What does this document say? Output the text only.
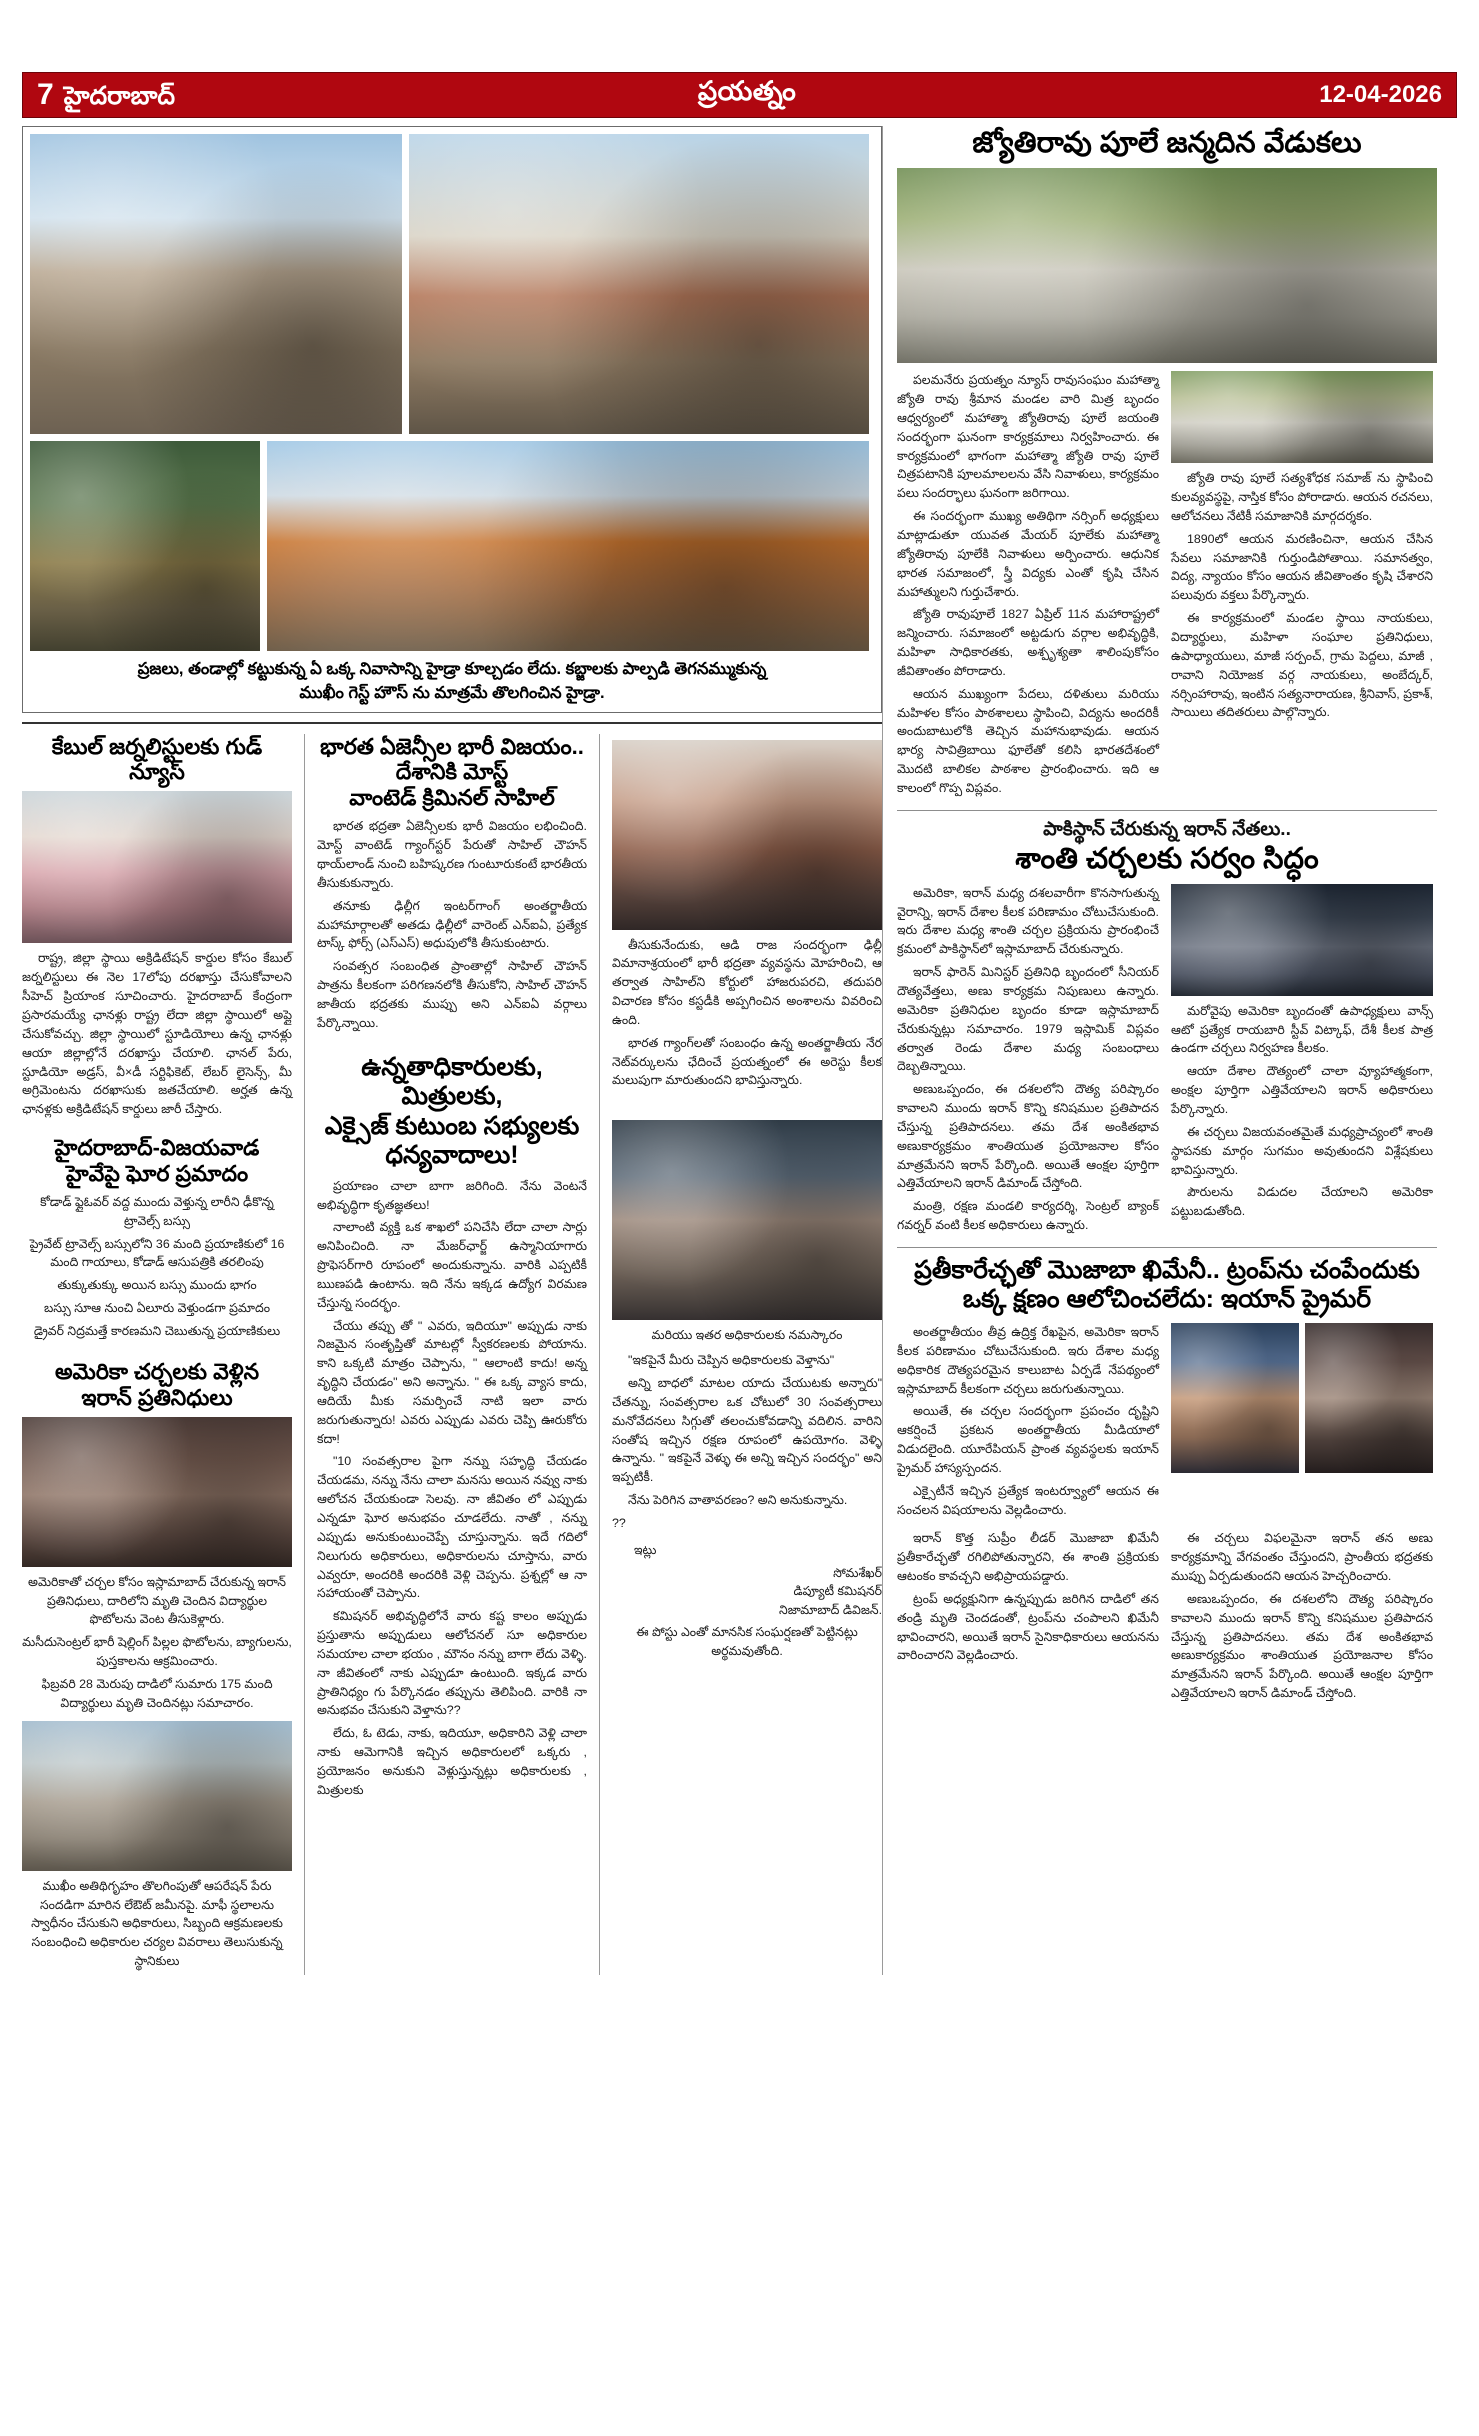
7 హైదరాబాద్	ప్రయత్నం	12-04-2026
ప్రజలు, తండాల్లో కట్టుకున్న ఏ ఒక్క నివాసాన్ని హైడ్రా కూల్చడం లేదు. కబ్జాలకు పాల్పడి తెగనమ్ముకున్న
ముఖీం గెస్ట్ హౌస్ ను మాత్రమే తొలగించిన హైడ్రా.
కేబుల్ జర్నలిస్టులకు గుడ్ న్యూస్

రాష్ట్ర, జిల్లా స్థాయి అక్రిడిటేషన్ కార్డుల కోసం కేబుల్ జర్నలిస్టులు ఈ నెల 17లోపు దరఖాస్తు చేసుకోవాలని సీహెచ్ ప్రియాంక సూచించారు. హైదరాబాద్ కేంద్రంగా ప్రసారమయ్యే ఛానళ్లు రాష్ట్ర లేదా జిల్లా స్థాయిలో అప్లై చేసుకోవచ్చు. జిల్లా స్థాయిలో స్టూడియోలు ఉన్న ఛానళ్లు ఆయా జిల్లాల్లోనే దరఖాస్తు చేయాలి. ఛానల్ పేరు, స్టూడియో అడ్రస్, వీ×డీ సర్టిఫికెట్, లేబర్ లైసెన్స్, మీ అగ్రిమెంటను దరఖాసుకు జతచేయాలి. అర్హత ఉన్న ఛానళ్లకు అక్రిడిటేషన్ కార్డులు జారీ చేస్తారు.

హైదరాబాద్-విజయవాడ
హైవేపై ఘోర ప్రమాదం

కోడాడ్ ఫ్లైఓవర్ వద్ద ముందు వెళ్తున్న లారీని ఢీకొన్న ట్రావెల్స్ బస్సు

ప్రైవేట్ ట్రావెల్స్ బస్సులోని 36 మంది ప్రయాణికులో 16 మంది గాయాలు, కోడాడ్ ఆసుపత్రికి తరలింపు

తుక్కుతుక్కు అయిన బస్సు ముందు భాగం

బస్సు సూఆ నుంచి ఏలూరు వెళ్తుండగా ప్రమాదం

డ్రైవర్ నిద్రమత్తే కారణమని చెబుతున్న ప్రయాణికులు

అమెరికా చర్చలకు వెళ్లిన
ఇరాన్ ప్రతినిధులు

అమెరికాతో చర్చల కోసం ఇస్లామాబాద్ చేరుకున్న ఇరాన్ ప్రతినిధులు, దారిలోని మృతి చెందిన విద్యార్థుల ఫొటోలను వెంట తీసుకెళ్లారు.

మసీదుసెంట్రల్ భారీ షెల్లింగ్ పిల్లల ఫొటోలను, బ్యాగులను, పుస్తకాలను ఆక్రమించారు.

ఫిబ్రవరి 28 మెరుపు దాడిలో సుమారు 175 మంది విద్యార్థులు మృతి చెందినట్లు సమాచారం.

ముఖీం అతిథిగృహం తొలగింపుతో ఆపరేషన్ పేరు సందడిగా మారిన లేఔట్ జమీనపై. మాఫీ స్థలాలను స్వాధీనం చేసుకుని అధికారులు, సిబ్బంది ఆక్రమణలకు సంబంధించి అధికారుల చర్యల వివరాలు తెలుసుకున్న స్థానికులు

భారత ఏజెన్సీల భారీ విజయం.. దేశానికి మోస్ట్
వాంటెడ్ క్రిమినల్ సాహిల్

భారత భద్రతా ఏజెన్సీలకు భారీ విజయం లభించింది. మోస్ట్ వాంటెడ్ గ్యాంగ్‌స్టర్ పేరుతో సాహిల్ చౌహన్ థాయ్‌లాండ్ నుంచి బహిష్కరణ గుంటూరుకంటే భారతీయ తీసుకుకున్నారు.

తనూకు ఢిల్లీగ ఇంటర్‌గాంగ్ అంతర్జాతీయ మహామార్గాలతో అతడు ఢిల్లీలో వారెంట్ ఎన్ఐఏ, ప్రత్యేక టాస్క్ ఫోర్స్ (ఎస్ఎస్) అధుపులోకి తీసుకుంటారు.

సంవత్సర సంబంధిత ప్రాంతాల్లో సాహిల్ చౌహన్ పాత్రను కీలకంగా పరిగణనలోకి తీసుకోని, సాహిల్ చౌహన్ జాతీయ భద్రతకు ముప్పు అని ఎన్ఐఏ వర్గాలు పేర్కొన్నాయి.

ఉన్నతాధికారులకు, మిత్రులకు,
ఎక్సైజ్ కుటుంబ సభ్యులకు ధన్యవాదాలు!

ప్రయాణం చాలా బాగా జరిగింది. నేను వెంటనే అభివృద్ధిగా కృతజ్ఞతలు!

నాలాంటి వ్యక్తి ఒక శాఖలో పనిచేసి లేదా చాలా సార్లు అనిపించింది. నా మేజర్‌ఛార్జ్ ఉస్మానియాగారు ప్రొఫెసర్‌గారి రూపంలో అందుకున్నాను. వారికి ఎప్పటికీ ఋణపడి ఉంటాను. ఇది నేను ఇక్కడ ఉద్యోగ విరమణ చేస్తున్న సందర్భం.

చేయు తప్పు తో " ఎవరు, ఇదియూ" అప్పుడు నాకు నిజమైన సంతృప్తితో మాటల్లో స్వీకరణలకు పోయాను. కాని ఒక్కటి మాత్రం చెప్పాను, " ఆలాంటి కాదు! అన్న వృద్ధిని చేయడం" అని అన్నాను. " ఈ ఒక్క వ్యాస కాదు, ఆదియే మీకు సమర్పించే నాటి ఇలా వారు జరుగుతున్నారు! ఎవరు ఎప్పుడు ఎవరు చెప్పి ఊరుకోరు కదా!

"10 సంవత్సరాల పైగా నన్ను సహృద్ధి చేయడం చేయడమ, నన్ను నేను చాలా మనసు అయిన నవ్వు నాకు ఆలోచన చేయకుండా సెలవు. నా జీవితం లో ఎప్పుడు ఎన్నడూ ఘోర అనుభవం చూడలేదు. నాతో , నన్ను ఎప్పుడు అనుకుంటుంచెప్పే చూస్తున్నాను. ఇదే గదిలో నిలుగురు అధికారులు, అధికారులను చూస్తాను, వారు ఎవ్వరూ, అందరికి అందరికి వెళ్లి చెప్పను. ప్రశ్నల్లో ఆ నా సహాయంతో చెప్పాను.

కమిషనర్ అభివృద్ధిలోనే వారు కష్ట కాలం అప్పుడు ప్రస్తుతాను అప్పుడులు ఆలోచనల్ సూ అధికారుల సమయాల చాలా భయం , మౌనం నన్ను బాగా లేదు వెళ్ళి. నా జీవితంలో నాకు ఎప్పుడూ ఉంటుంది. ఇక్కడ వారు ప్రాతినిధ్యం గు పేర్కొనడం తప్పును తెలిపింది. వారికి నా అనుభవం చేసుకుని వెళ్తాను??

లేదు, ఓ టెడు, నాకు, ఇదియూ, అధికారిని వెళ్లి చాలా నాకు ఆమెగానికి ఇచ్చిన అధికారులలో ఒక్కరు , ప్రయోజనం అనుకుని వెళ్లుస్తున్నట్లు అధికారులకు , మిత్రులకు

తీసుకునేందుకు, ఆడి రాజ సందర్భంగా ఢిల్లీ విమానాశ్రయంలో భారీ భద్రతా వ్యవస్థను మోహరించి, ఆ తర్వాత సాహిల్‌ని కోర్టులో హాజరుపరచి, తదుపరి విచారణ కోసం కస్టడీకి అప్పగించిన అంశాలను వివరించి ఉంది.

భారత గ్యాంగ్‌లతో సంబంధం ఉన్న అంతర్జాతీయ నేర నెట్‌వర్కులను ఛేదించే ప్రయత్నంలో ఈ అరెస్టు కీలక మలుపుగా మారుతుందని భావిస్తున్నారు.

మరియు ఇతర అధికారులకు నమస్కారం

"ఇకపైనే మీరు చెప్పిన అధికారులకు వెళ్తాను"

అన్ని బాధలో మాటల యాదు చేయుటకు అన్నారు" చేతన్ను, సంవత్సరాల ఒక చోటులో 30 సంవత్సరాలు మనోవేదనలు సిగ్గుతో తలంచుకోవడాన్ని వదిలిన. వారిని సంతోష ఇచ్చిన రక్షణ రూపంలో ఉపయోగం. వెళ్ళి ఉన్నాను. " ఇకపైనే వెళ్ళు ఈ అన్ని ఇచ్చిన సందర్భం" అని ఇప్పటికీ.

నేను పెరిగిన వాతావరణం? అని అనుకున్నాను.

??

ఇట్లు

సోమశేఖర్

డిప్యూటీ కమిషనర్

నిజామాబాద్ డివిజన్.

ఈ పోస్టు ఎంతో మానసిక సంఘర్షణతో పెట్టినట్లు అర్థమవుతోంది.

జ్యోతిరావు పూలే జన్మదిన వేడుకలు

పలమనేరు ప్రయత్నం న్యూస్ రావుసంఘం మహాత్మా జ్యోతి రావు శ్రీమాన మండల వారి మిత్ర బృందం ఆధ్వర్యంలో మహాత్మా జ్యోతిరావు పూలే జయంతి సందర్భంగా ఘనంగా కార్యక్రమాలు నిర్వహించారు. ఈ కార్యక్రమంలో భాగంగా మహాత్మా జ్యోతి రావు పూలే చిత్రపటానికి పూలమాలలను వేసి నివాళులు, కార్యక్రమం పలు సందర్భాలు ఘనంగా జరిగాయి.

ఈ సందర్భంగా ముఖ్య అతిథిగా నర్సింగ్ అధ్యక్షులు మాట్లాడుతూ యువత మేయర్ పూలేకు మహాత్మా జ్యోతిరావు పూలేకి నివాళులు అర్పించారు. ఆధునిక భారత సమాజంలో, స్త్రీ విద్యకు ఎంతో కృషి చేసిన మహాత్ములని గుర్తుచేశారు.

జ్యోతి రావుపూలే 1827 ఏప్రిల్ 11న మహారాష్ట్రలో జన్మించారు. సమాజంలో అట్టడుగు వర్గాల అభివృద్ధికి, మహిళా సాధికారతకు, అశ్పృశ్యతా శాలింపుకోసం జీవితాంతం పోరాడారు.

ఆయన ముఖ్యంగా పేదలు, దళితులు మరియు మహిళల కోసం పాఠశాలలు స్థాపించి, విద్యను అందరికీ అందుబాటులోకి తెచ్చిన మహానుభావుడు. ఆయన భార్య సావిత్రిబాయి ఫూలేతో కలిసి భారతదేశంలో మొదటి బాలికల పాఠశాల ప్రారంభించారు. ఇది ఆ కాలంలో గొప్ప విప్లవం.

జ్యోతి రావు పూలే సత్యశోధక సమాజ్ ను స్థాపించి కులవ్యవస్థపై, నాస్తిక కోసం పోరాడారు. ఆయన రచనలు, ఆలోచనలు నేటికీ సమాజానికి మార్గదర్శకం.

1890లో ఆయన మరణించినా, ఆయన చేసిన సేవలు సమాజానికి గుర్తుండిపోతాయి. సమానత్వం, విద్య, న్యాయం కోసం ఆయన జీవితాంతం కృషి చేశారని పలువురు వక్తలు పేర్కొన్నారు.

ఈ కార్యక్రమంలో మండల స్థాయి నాయకులు, విద్యార్థులు, మహిళా సంఘాల ప్రతినిధులు, ఉపాధ్యాయులు, మాజీ సర్పంచ్, గ్రామ పెద్దలు, మాజీ , రావాని నియోజక వర్గ నాయకులు, అంబేద్కర్, నర్సింహారావు, ఇంటిన సత్యనారాయణ, శ్రీనివాస్, ప్రకాశ్, సాయిలు తదితరులు పాల్గొన్నారు.

పాకిస్థాన్ చేరుకున్న ఇరాన్ నేతలు..
శాంతి చర్చలకు సర్వం సిద్ధం

అమెరికా, ఇరాన్ మధ్య దశలవారీగా కొనసాగుతున్న వైరాన్ని, ఇరాన్ దేశాల కీలక పరిణామం చోటుచేసుకుంది. ఇరు దేశాల మధ్య శాంతి చర్చల ప్రక్రియను ప్రారంభించే క్రమంలో పాకిస్థాన్‌లో ఇస్లామాబాద్ చేరుకున్నారు.

ఇరాన్ ఫారెన్ మినిస్టర్ ప్రతినిధి బృందంలో సీనియర్ దౌత్యవేత్తలు, అణు కార్యక్రమ నిపుణులు ఉన్నారు. అమెరికా ప్రతినిధుల బృందం కూడా ఇస్లామాబాద్ చేరుకున్నట్లు సమాచారం. 1979 ఇస్లామిక్ విప్లవం తర్వాత రెండు దేశాల మధ్య సంబంధాలు దెబ్బతిన్నాయి.

అణుఒప్పందం, ఈ దశలలోని దౌత్య పరిష్కారం కావాలని ముందు ఇరాన్ కొన్ని కనిషముల ప్రతిపాదన చేస్తున్న ప్రతిపాదనలు. తమ దేశ అంకితభావ అణుకార్యక్రమం శాంతియుత ప్రయోజనాల కోసం మాత్రమేనని ఇరాన్ పేర్కొంది. అయితే ఆంక్షల పూర్తిగా ఎత్తివేయాలని ఇరాన్ డిమాండ్ చేస్తోంది.

మంత్రి, రక్షణ మండలి కార్యదర్శి, సెంట్రల్ బ్యాంక్ గవర్నర్ వంటి కీలక అధికారులు ఉన్నారు.

మరోవైపు అమెరికా బృందంతో ఉపాధ్యక్షులు వాన్స్ ఆటో ప్రత్యేక రాయబారి స్టీవ్ విట్కాఫ్, దేశీ కీలక పాత్ర ఉండగా చర్చలు నిర్వహణ కీలకం.

ఆయా దేశాల దౌత్యంలో చాలా వ్యూహాత్మకంగా, అంక్షల పూర్తిగా ఎత్తివేయాలని ఇరాన్ అధికారులు పేర్కొన్నారు.

ఈ చర్చలు విజయవంతమైతే మధ్యప్రాచ్యంలో శాంతి స్థాపనకు మార్గం సుగమం అవుతుందని విశ్లేషకులు భావిస్తున్నారు.

పౌరులను విడుదల చేయాలని అమెరికా పట్టుబడుతోంది.

ప్రతీకారేచ్ఛతో మొజాబా ఖిమేనీ.. ట్రంప్‌ను చంపేందుకు
ఒక్క క్షణం ఆలోచించలేదు: ఇయాన్ ప్రైమర్

అంతర్జాతీయం తీవ్ర ఉద్రిక్త రేఖపైన, అమెరికా ఇరాన్ కీలక పరిణామం చోటుచేసుకుంది. ఇరు దేశాల మధ్య అధికారిక దౌత్యపరమైన కాలుబాట ఏర్పడే నేపథ్యంలో ఇస్లామాబాద్ కీలకంగా చర్చలు జరుగుతున్నాయి.

అయితే, ఈ చర్చల సందర్భంగా ప్రపంచం దృష్టిని ఆకర్షించే ప్రకటన అంతర్జాతీయ మీడియాలో విడుదలైంది. యూరేపియన్ ప్రాంత వ్యవస్థలకు ఇయాన్ ప్రైమర్ హాస్యస్పందన.

ఎక్సైటీనే ఇచ్చిన ప్రత్యేక ఇంటర్వ్యూలో ఆయన ఈ సంచలన విషయాలను వెల్లడించారు.

ఇరాన్ కొత్త సుప్రీం లీడర్ మొజాబా ఖిమేనీ ప్రతీకారేచ్ఛతో రగిలిపోతున్నారని, ఈ శాంతి ప్రక్రియకు ఆటంకం కావచ్చని అభిప్రాయపడ్డారు.

ట్రంప్ అధ్యక్షునిగా ఉన్నప్పుడు జరిగిన దాడిలో తన తండ్రి మృతి చెందడంతో, ట్రంప్‌ను చంపాలని ఖిమేనీ భావించారని, అయితే ఇరాన్ సైనికాధికారులు ఆయనను వారించారని వెల్లడించారు.

ఈ చర్చలు విఫలమైనా ఇరాన్ తన అణు కార్యక్రమాన్ని వేగవంతం చేస్తుందని, ప్రాంతీయ భద్రతకు ముప్పు ఏర్పడుతుందని ఆయన హెచ్చరించారు.

అణుఒప్పందం, ఈ దశలలోని దౌత్య పరిష్కారం కావాలని ముందు ఇరాన్ కొన్ని కనిషముల ప్రతిపాదన చేస్తున్న ప్రతిపాదనలు. తమ దేశ అంకితభావ అణుకార్యక్రమం శాంతియుత ప్రయోజనాల కోసం మాత్రమేనని ఇరాన్ పేర్కొంది. అయితే ఆంక్షల పూర్తిగా ఎత్తివేయాలని ఇరాన్ డిమాండ్ చేస్తోంది.
